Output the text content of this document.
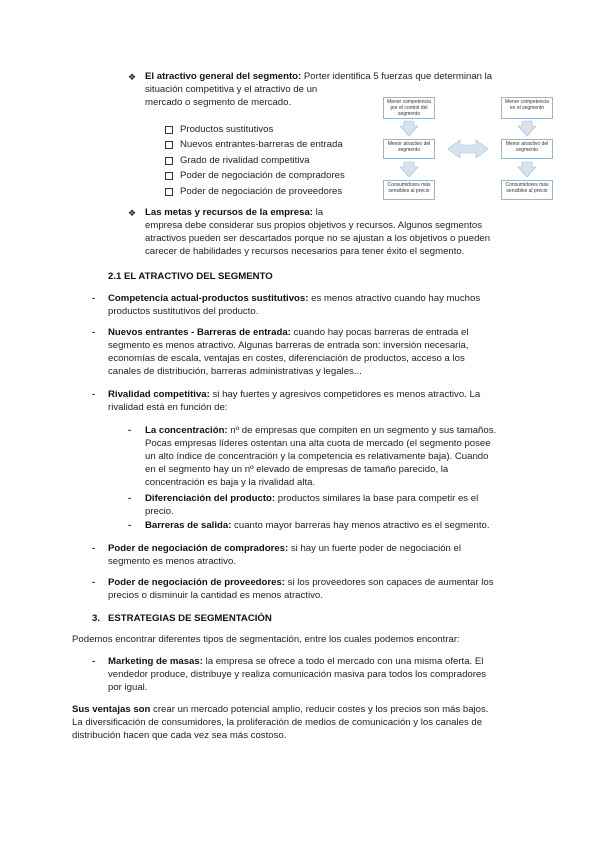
❖ El atractivo general del segmento: Porter identifica 5 fuerzas que determinan la
situación competitiva y el atractivo de un
mercado o segmento de mercado.
Productos sustitutivos
Nuevos entrantes-barreras de entrada
Grado de rivalidad competitiva
Poder de negociación de compradores
Poder de negociación de proveedores
Menor competencia por el control del segmento
Menor competencia en el segmento
Menor atractivo del segmento
Menor atractivo del segmento
Consumidores más sensibles al precio
Consumidores más sensibles al precio
❖ Las metas y recursos de la empresa: la
empresa debe considerar sus propios objetivos y recursos. Algunos segmentos
atractivos pueden ser descartados porque no se ajustan a los objetivos o pueden
carecer de habilidades y recursos necesarios para tener éxito el segmento.
2.1 EL ATRACTIVO DEL SEGMENTO
- Competencia actual-productos sustitutivos: es menos atractivo cuando hay muchos
productos sustitutivos del producto.
- Nuevos entrantes - Barreras de entrada: cuando hay pocas barreras de entrada el
segmento es menos atractivo. Algunas barreras de entrada son: inversión necesaria,
economías de escala, ventajas en costes, diferenciación de productos, acceso a los
canales de distribución, barreras administrativas y legales...
- Rivalidad competitiva: si hay fuertes y agresivos competidores es menos atractivo. La
rivalidad está en función de:
- La concentración: nº de empresas que compiten en un segmento y sus tamaños.
Pocas empresas líderes ostentan una alta cuota de mercado (el segmento posee
un alto índice de concentración y la competencia es relativamente baja). Cuando
en el segmento hay un nº elevado de empresas de tamaño parecido, la
concentración es baja y la rivalidad alta.
- Diferenciación del producto: productos similares la base para competir es el
precio.
- Barreras de salida: cuanto mayor barreras hay menos atractivo es el segmento.
- Poder de negociación de compradores: si hay un fuerte poder de negociación el
segmento es menos atractivo.
- Poder de negociación de proveedores: si los proveedores son capaces de aumentar los
precios o disminuir la cantidad es menos atractivo.
3. ESTRATEGIAS DE SEGMENTACIÓN
Podemos encontrar diferentes tipos de segmentación, entre los cuales podemos encontrar:
- Marketing de masas: la empresa se ofrece a todo el mercado con una misma oferta. El
vendedor produce, distribuye y realiza comunicación masiva para todos los compradores
por igual.
Sus ventajas son crear un mercado potencial amplio, reducir costes y los precios son más bajos.
La diversificación de consumidores, la proliferación de medios de comunicación y los canales de
distribución hacen que cada vez sea más costoso.
